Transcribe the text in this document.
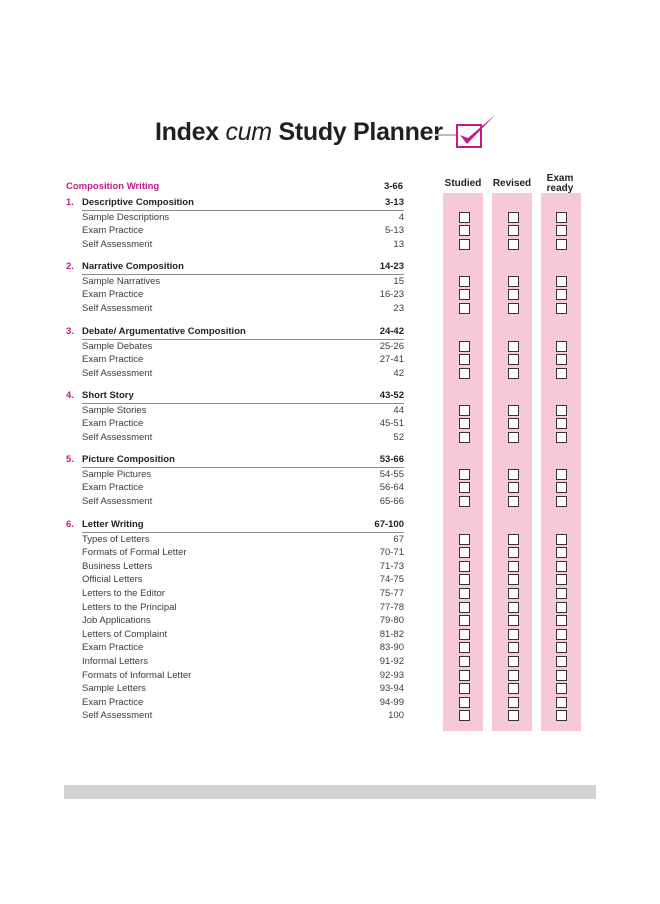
Index cum Study Planner
Studied	Revised	Exam ready
Composition Writing	3-66
1. Descriptive Composition	3-13
Sample Descriptions	4
Exam Practice	5-13
Self Assessment	13
2. Narrative Composition	14-23
Sample Narratives	15
Exam Practice	16-23
Self Assessment	23
3. Debate/ Argumentative Composition	24-42
Sample Debates	25-26
Exam Practice	27-41
Self Assessment	42
4. Short Story	43-52
Sample Stories	44
Exam Practice	45-51
Self Assessment	52
5. Picture Composition	53-66
Sample Pictures	54-55
Exam Practice	56-64
Self Assessment	65-66
6. Letter Writing	67-100
Types of Letters	67
Formats of Formal Letter	70-71
Business Letters	71-73
Official Letters	74-75
Letters to the Editor	75-77
Letters to the Principal	77-78
Job Applications	79-80
Letters of Complaint	81-82
Exam Practice	83-90
Informal Letters	91-92
Formats of Informal Letter	92-93
Sample Letters	93-94
Exam Practice	94-99
Self Assessment	100
